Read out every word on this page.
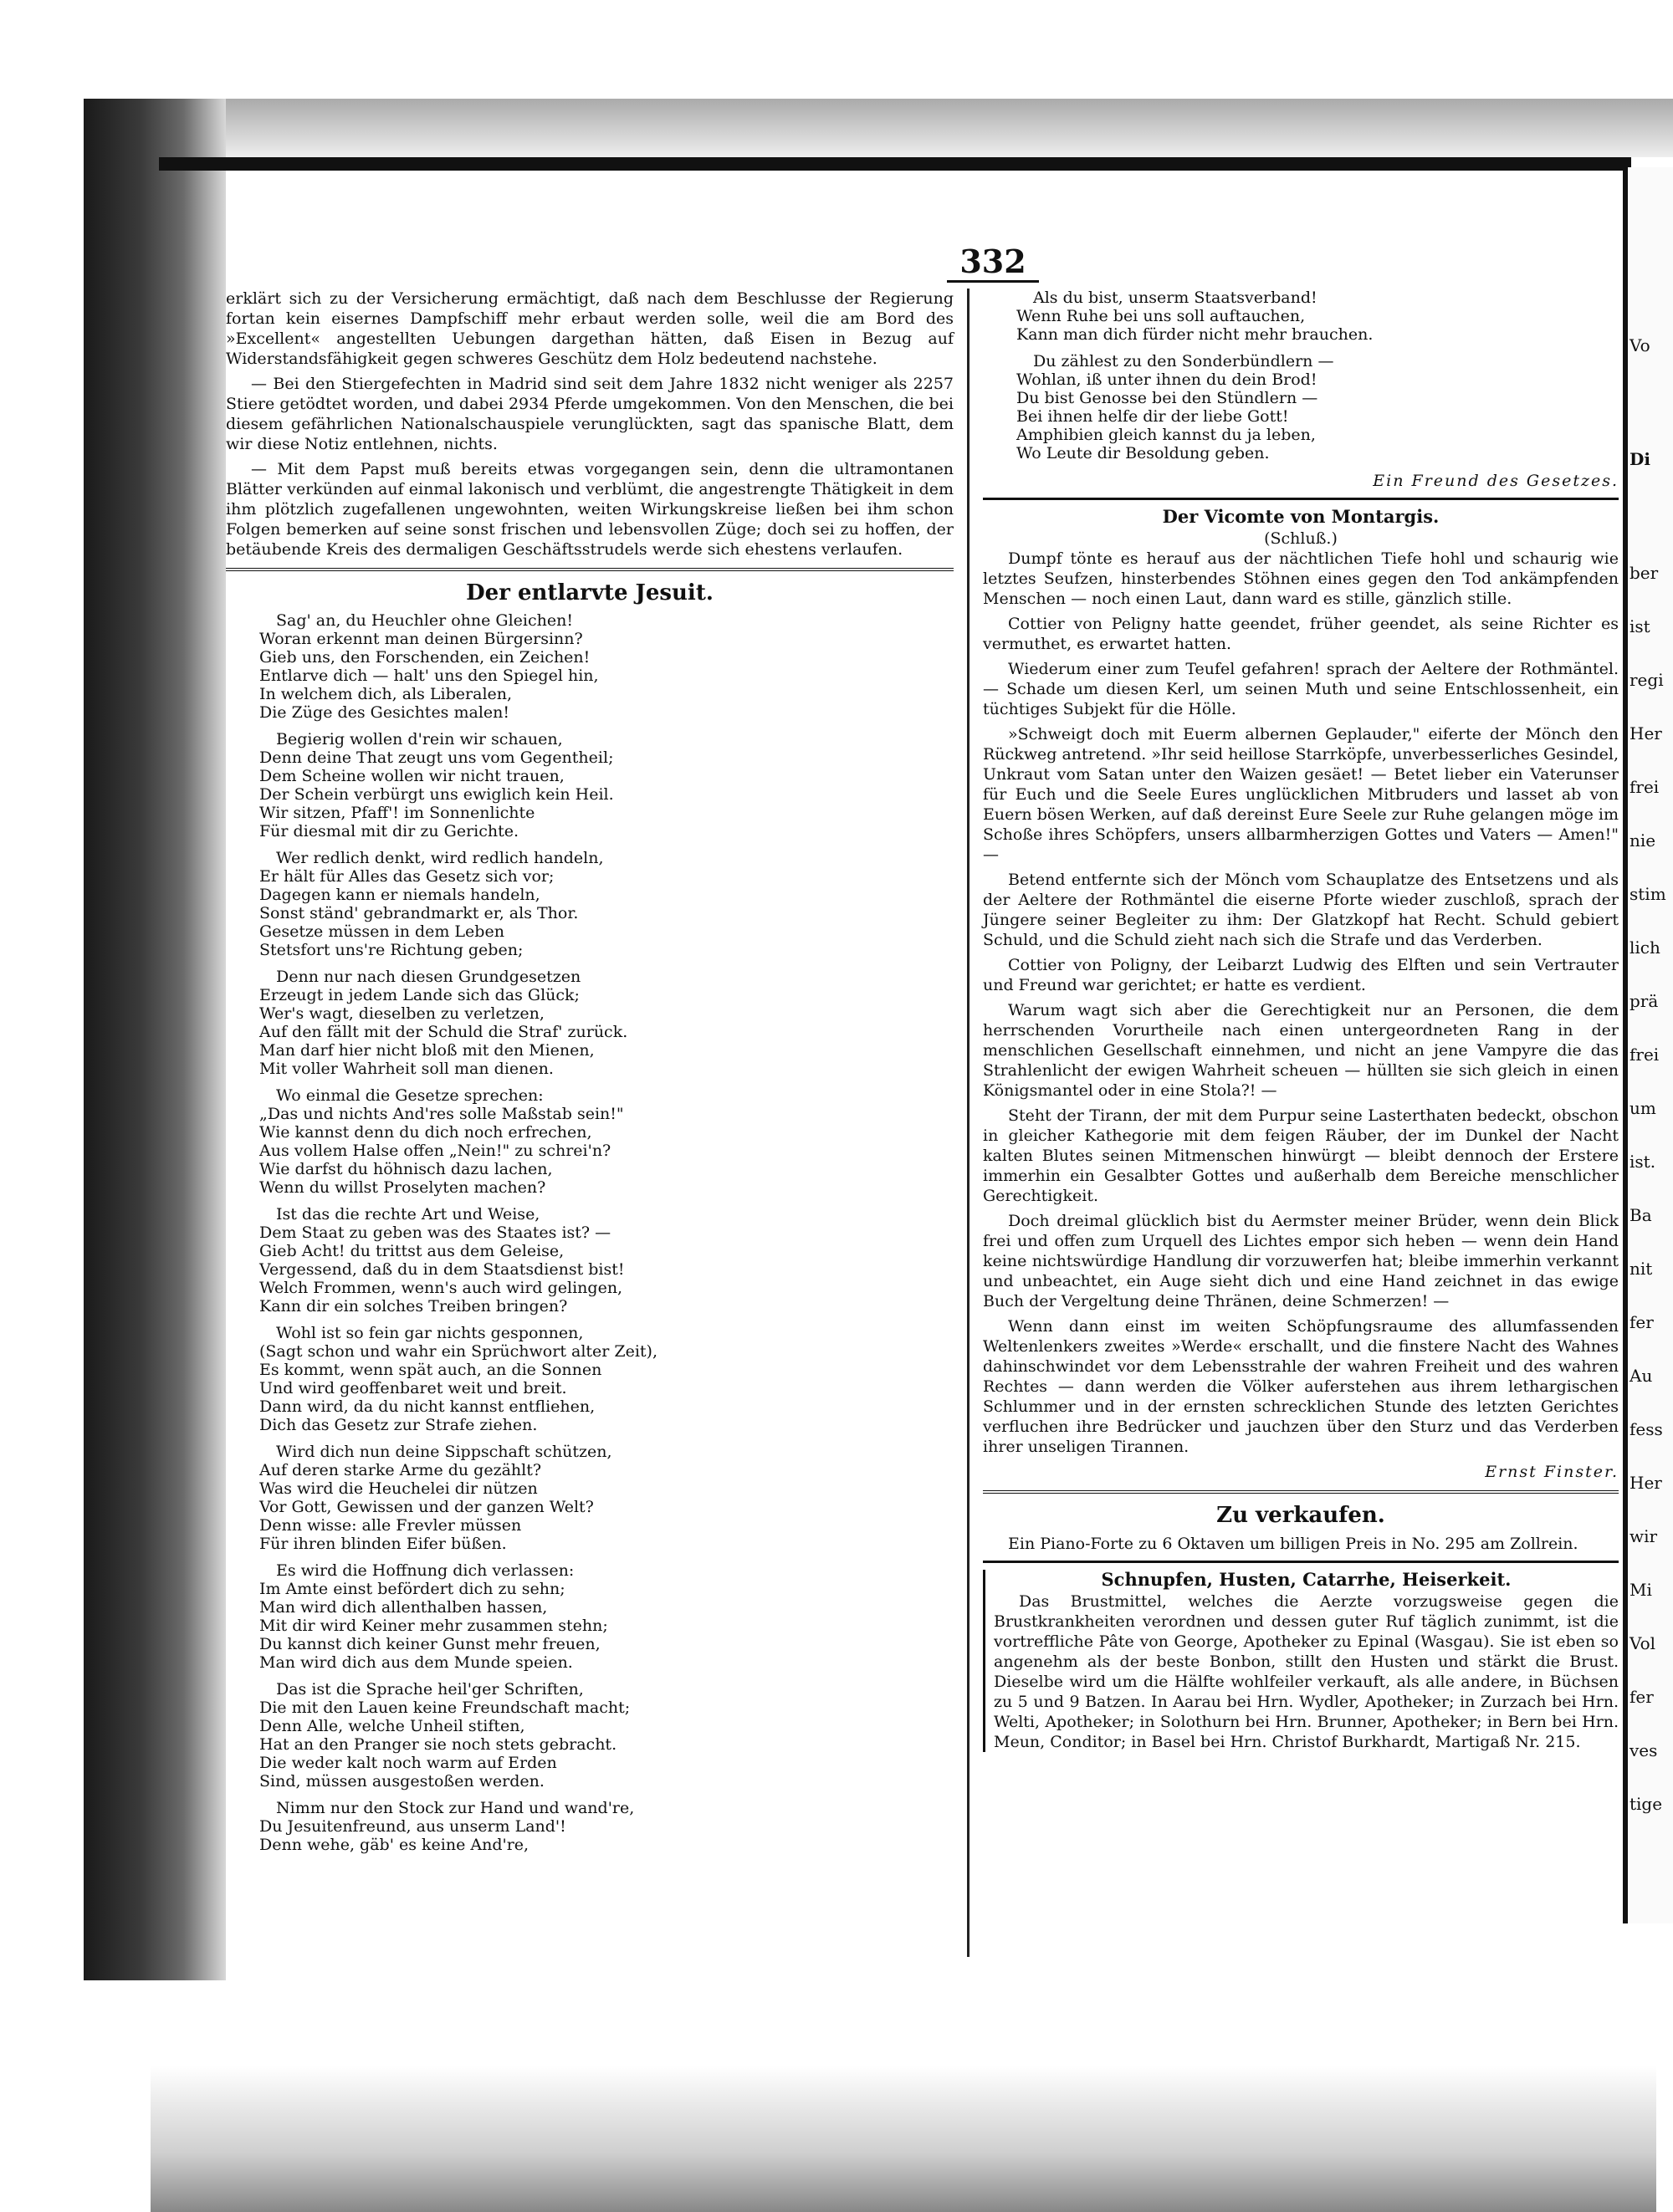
Vo
Di
ber
ist
regi
Her
frei
nie
stim
lich
prä
frei
um
ist.
Ba
nit
fer
Au
fess
Her
wir
Mi
Vol
fer
ves
tige
332

erklärt sich zu der Versicherung ermächtigt, daß nach dem Beschlusse der Regierung fortan kein eisernes Dampfschiff mehr erbaut werden solle, weil die am Bord des »Excellent« angestellten Uebungen dargethan hätten, daß Eisen in Bezug auf Widerstandsfähigkeit gegen schweres Geschütz dem Holz bedeutend nachstehe.

— Bei den Stiergefechten in Madrid sind seit dem Jahre 1832 nicht weniger als 2257 Stiere getödtet worden, und dabei 2934 Pferde umgekommen. Von den Menschen, die bei diesem gefährlichen Nationalschauspiele verunglückten, sagt das spanische Blatt, dem wir diese Notiz entlehnen, nichts.

— Mit dem Papst muß bereits etwas vorgegangen sein, denn die ultramontanen Blätter verkünden auf einmal lakonisch und verblümt, die angestrengte Thätigkeit in dem ihm plötzlich zugefallenen ungewohnten, weiten Wirkungskreise ließen bei ihm schon Folgen bemerken auf seine sonst frischen und lebensvollen Züge; doch sei zu hoffen, der betäubende Kreis des dermaligen Geschäftsstrudels werde sich ehestens verlaufen.

Der entlarvte Jesuit.
Sag' an, du Heuchler ohne Gleichen!
Woran erkennt man deinen Bürgersinn?
Gieb uns, den Forschenden, ein Zeichen!
Entlarve dich — halt' uns den Spiegel hin,
In welchem dich, als Liberalen,
Die Züge des Gesichtes malen!
Begierig wollen d'rein wir schauen,
Denn deine That zeugt uns vom Gegentheil;
Dem Scheine wollen wir nicht trauen,
Der Schein verbürgt uns ewiglich kein Heil.
Wir sitzen, Pfaff'! im Sonnenlichte
Für diesmal mit dir zu Gerichte.
Wer redlich denkt, wird redlich handeln,
Er hält für Alles das Gesetz sich vor;
Dagegen kann er niemals handeln,
Sonst ständ' gebrandmarkt er, als Thor.
Gesetze müssen in dem Leben
Stetsfort uns're Richtung geben;
Denn nur nach diesen Grundgesetzen
Erzeugt in jedem Lande sich das Glück;
Wer's wagt, dieselben zu verletzen,
Auf den fällt mit der Schuld die Straf' zurück.
Man darf hier nicht bloß mit den Mienen,
Mit voller Wahrheit soll man dienen.
Wo einmal die Gesetze sprechen:
„Das und nichts And'res solle Maßstab sein!"
Wie kannst denn du dich noch erfrechen,
Aus vollem Halse offen „Nein!" zu schrei'n?
Wie darfst du höhnisch dazu lachen,
Wenn du willst Proselyten machen?
Ist das die rechte Art und Weise,
Dem Staat zu geben was des Staates ist? —
Gieb Acht! du trittst aus dem Geleise,
Vergessend, daß du in dem Staatsdienst bist!
Welch Frommen, wenn's auch wird gelingen,
Kann dir ein solches Treiben bringen?
Wohl ist so fein gar nichts gesponnen,
(Sagt schon und wahr ein Sprüchwort alter Zeit),
Es kommt, wenn spät auch, an die Sonnen
Und wird geoffenbaret weit und breit.
Dann wird, da du nicht kannst entfliehen,
Dich das Gesetz zur Strafe ziehen.
Wird dich nun deine Sippschaft schützen,
Auf deren starke Arme du gezählt?
Was wird die Heuchelei dir nützen
Vor Gott, Gewissen und der ganzen Welt?
Denn wisse: alle Frevler müssen
Für ihren blinden Eifer büßen.
Es wird die Hoffnung dich verlassen:
Im Amte einst befördert dich zu sehn;
Man wird dich allenthalben hassen,
Mit dir wird Keiner mehr zusammen stehn;
Du kannst dich keiner Gunst mehr freuen,
Man wird dich aus dem Munde speien.
Das ist die Sprache heil'ger Schriften,
Die mit den Lauen keine Freundschaft macht;
Denn Alle, welche Unheil stiften,
Hat an den Pranger sie noch stets gebracht.
Die weder kalt noch warm auf Erden
Sind, müssen ausgestoßen werden.
Nimm nur den Stock zur Hand und wand're,
Du Jesuitenfreund, aus unserm Land'!
Denn wehe, gäb' es keine And're,
Als du bist, unserm Staatsverband!
Wenn Ruhe bei uns soll auftauchen,
Kann man dich fürder nicht mehr brauchen.
Du zählest zu den Sonderbündlern —
Wohlan, iß unter ihnen du dein Brod!
Du bist Genosse bei den Stündlern —
Bei ihnen helfe dir der liebe Gott!
Amphibien gleich kannst du ja leben,
Wo Leute dir Besoldung geben.
Ein Freund des Gesetzes.
Der Vicomte von Montargis.
(Schluß.)

Dumpf tönte es herauf aus der nächtlichen Tiefe hohl und schaurig wie letztes Seufzen, hinsterbendes Stöhnen eines gegen den Tod ankämpfenden Menschen — noch einen Laut, dann ward es stille, gänzlich stille.

Cottier von Peligny hatte geendet, früher geendet, als seine Richter es vermuthet, es erwartet hatten.

Wiederum einer zum Teufel gefahren! sprach der Aeltere der Rothmäntel. — Schade um diesen Kerl, um seinen Muth und seine Entschlossenheit, ein tüchtiges Subjekt für die Hölle.

»Schweigt doch mit Euerm albernen Geplauder," eiferte der Mönch den Rückweg antretend. »Ihr seid heillose Starrköpfe, unverbesserliches Gesindel, Unkraut vom Satan unter den Waizen gesäet! — Betet lieber ein Vaterunser für Euch und die Seele Eures unglücklichen Mitbruders und lasset ab von Euern bösen Werken, auf daß dereinst Eure Seele zur Ruhe gelangen möge im Schoße ihres Schöpfers, unsers allbarmherzigen Gottes und Vaters — Amen!" —

Betend entfernte sich der Mönch vom Schauplatze des Entsetzens und als der Aeltere der Rothmäntel die eiserne Pforte wieder zuschloß, sprach der Jüngere seiner Begleiter zu ihm: Der Glatzkopf hat Recht. Schuld gebiert Schuld, und die Schuld zieht nach sich die Strafe und das Verderben.

Cottier von Poligny, der Leibarzt Ludwig des Elften und sein Vertrauter und Freund war gerichtet; er hatte es verdient.

Warum wagt sich aber die Gerechtigkeit nur an Personen, die dem herrschenden Vorurtheile nach einen untergeordneten Rang in der menschlichen Gesellschaft einnehmen, und nicht an jene Vampyre die das Strahlenlicht der ewigen Wahrheit scheuen — hüllten sie sich gleich in einen Königsmantel oder in eine Stola?! —

Steht der Tirann, der mit dem Purpur seine Lasterthaten bedeckt, obschon in gleicher Kathegorie mit dem feigen Räuber, der im Dunkel der Nacht kalten Blutes seinen Mitmenschen hinwürgt — bleibt dennoch der Erstere immerhin ein Gesalbter Gottes und außerhalb dem Bereiche menschlicher Gerechtigkeit.

Doch dreimal glücklich bist du Aermster meiner Brüder, wenn dein Blick frei und offen zum Urquell des Lichtes empor sich heben — wenn dein Hand keine nichtswürdige Handlung dir vorzuwerfen hat; bleibe immerhin verkannt und unbeachtet, ein Auge sieht dich und eine Hand zeichnet in das ewige Buch der Vergeltung deine Thränen, deine Schmerzen! —

Wenn dann einst im weiten Schöpfungsraume des allumfassenden Weltenlenkers zweites »Werde« erschallt, und die finstere Nacht des Wahnes dahinschwindet vor dem Lebensstrahle der wahren Freiheit und des wahren Rechtes — dann werden die Völker auferstehen aus ihrem lethargischen Schlummer und in der ernsten schrecklichen Stunde des letzten Gerichtes verfluchen ihre Bedrücker und jauchzen über den Sturz und das Verderben ihrer unseligen Tirannen.

Ernst Finster.
Zu verkaufen.

Ein Piano-Forte zu 6 Oktaven um billigen Preis in No. 295 am Zollrein.

Schnupfen, Husten, Catarrhe, Heiserkeit.

Das Brustmittel, welches die Aerzte vorzugsweise gegen die Brustkrankheiten verordnen und dessen guter Ruf täglich zunimmt, ist die vortreffliche Pâte von George, Apotheker zu Epinal (Wasgau). Sie ist eben so angenehm als der beste Bonbon, stillt den Husten und stärkt die Brust. Dieselbe wird um die Hälfte wohlfeiler verkauft, als alle andere, in Büchsen zu 5 und 9 Batzen. In Aarau bei Hrn. Wydler, Apotheker; in Zurzach bei Hrn. Welti, Apotheker; in Solothurn bei Hrn. Brunner, Apotheker; in Bern bei Hrn. Meun, Conditor; in Basel bei Hrn. Christof Burkhardt, Martigaß Nr. 215.
